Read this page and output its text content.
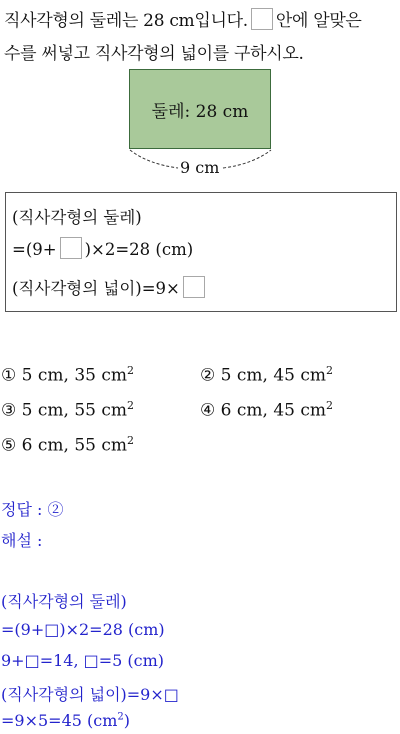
직사각형의 둘레는 28 cm입니다. 안에 알맞은
수를 써넣고 직사각형의 넓이를 구하시오.
둘레: 28 cm
9 cm
(직사각형의 둘레)
=(9+ )×2=28 (cm)
(직사각형의 넓이)=9×
① 5 cm, 35 $cm^2$	② 5 cm, 45 $cm^2$
③ 5 cm, 55 $cm^2$	④ 6 cm, 45 $cm^2$
⑤ 6 cm, 55 $cm^2$
정답 : ②
해설 :
(직사각형의 둘레)
=(9+□)×2=28 (cm)
9+□=14, □=5 (cm)
(직사각형의 넓이)=9×□
=9×5=45 $(cm^2)$
